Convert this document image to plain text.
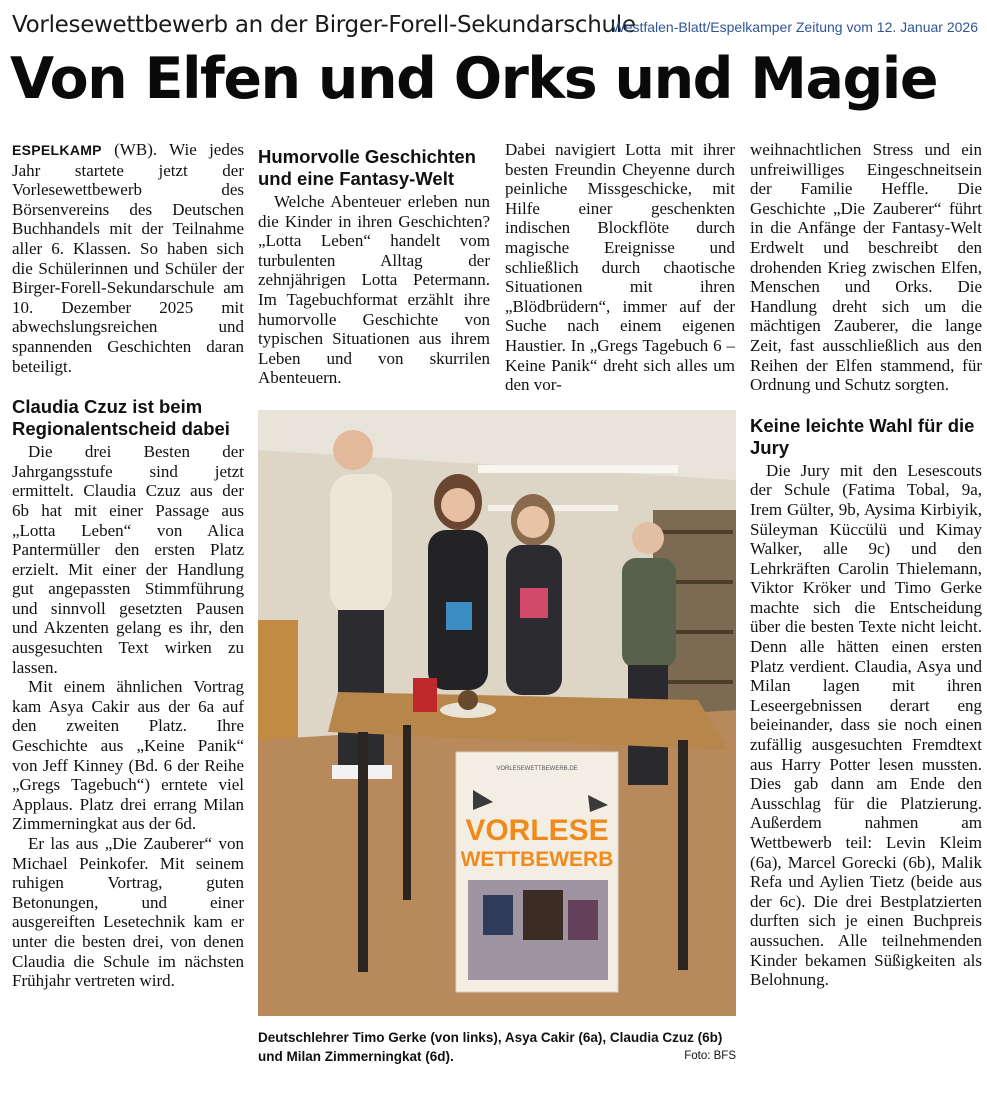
Vorlesewettbewerb an der Birger-Forell-Sekundarschule
Westfalen-Blatt/Espelkamper Zeitung vom 12. Januar 2026
Von Elfen und Orks und Magie

ESPELKAMP (WB). Wie jedes Jahr startete jetzt der Vorlesewettbewerb des Börsenvereins des Deutschen Buchhandels mit der Teilnahme aller 6. Klassen. So haben sich die Schülerinnen und Schüler der Birger-Forell-Sekundarschule am 10. Dezember 2025 mit abwechslungsreichen und spannenden Geschichten daran beteiligt.

Claudia Czuz ist beim Regionalentscheid dabei

Die drei Besten der Jahrgangsstufe sind jetzt ermittelt. Claudia Czuz aus der 6b hat mit einer Passage aus „Lotta Leben“ von Alica Pantermüller den ersten Platz erzielt. Mit einer der Handlung gut angepassten Stimmführung und sinnvoll gesetzten Pausen und Akzenten gelang es ihr, den ausgesuchten Text wirken zu lassen.

Mit einem ähnlichen Vortrag kam Asya Cakir aus der 6a auf den zweiten Platz. Ihre Geschichte aus „Keine Panik“ von Jeff Kinney (Bd. 6 der Reihe „Gregs Tagebuch“) erntete viel Applaus. Platz drei errang Milan Zimmerningkat aus der 6d.

Er las aus „Die Zauberer“ von Michael Peinkofer. Mit seinem ruhigen Vortrag, guten Betonungen, und einer ausgereiften Lesetechnik kam er unter die besten drei, von denen Claudia die Schule im nächsten Frühjahr vertreten wird.

Humorvolle Geschichten und eine Fantasy-Welt

Welche Abenteuer erleben nun die Kinder in ihren Geschichten? „Lotta Leben“ handelt vom turbulenten Alltag der zehnjährigen Lotta Petermann. Im Tagebuchformat erzählt ihre humorvolle Geschichte von typischen Situationen aus ihrem Leben und von skurrilen Abenteuern.

Dabei navigiert Lotta mit ihrer besten Freundin Cheyenne durch peinliche Missgeschicke, mit Hilfe einer geschenkten indischen Blockflöte durch magische Ereignisse und schließlich durch chaotische Situationen mit ihren „Blödbrüdern“, immer auf der Suche nach einem eigenen Haustier. In „Gregs Tagebuch 6 – Keine Panik“ dreht sich alles um den vor-

weihnachtlichen Stress und ein unfreiwilliges Eingeschneitsein der Familie Heffle. Die Geschichte „Die Zauberer“ führt in die Anfänge der Fantasy-Welt Erdwelt und beschreibt den drohenden Krieg zwischen Elfen, Menschen und Orks. Die Handlung dreht sich um die mächtigen Zauberer, die lange Zeit, fast ausschließlich aus den Reihen der Elfen stammend, für Ordnung und Schutz sorgten.

Keine leichte Wahl für die Jury

Die Jury mit den Lesescouts der Schule (Fatima Tobal, 9a, Irem Gülter, 9b, Aysima Kirbiyik, Süleyman Küccülü und Kimay Walker, alle 9c) und den Lehrkräften Carolin Thielemann, Viktor Kröker und Timo Gerke machte sich die Entscheidung über die besten Texte nicht leicht. Denn alle hätten einen ersten Platz verdient. Claudia, Asya und Milan lagen mit ihren Leseergebnissen derart eng beieinander, dass sie noch einen zufällig ausgesuchten Fremdtext aus Harry Potter lesen mussten. Dies gab dann am Ende den Ausschlag für die Platzierung. Außerdem nahmen am Wettbewerb teil: Levin Kleim (6a), Marcel Gorecki (6b), Malik Refa und Aylien Tietz (beide aus der 6c). Die drei Bestplatzierten durften sich je einen Buchpreis aussuchen. Alle teilnehmenden Kinder bekamen Süßigkeiten als Belohnung.

VORLESEWETTBEWERB.DE
VORLESE
WETTBEWERB
Deutschlehrer Timo Gerke (von links), Asya Cakir (6a), Claudia Czuz (6b) und Milan Zimmerningkat (6d).	Foto: BFS
